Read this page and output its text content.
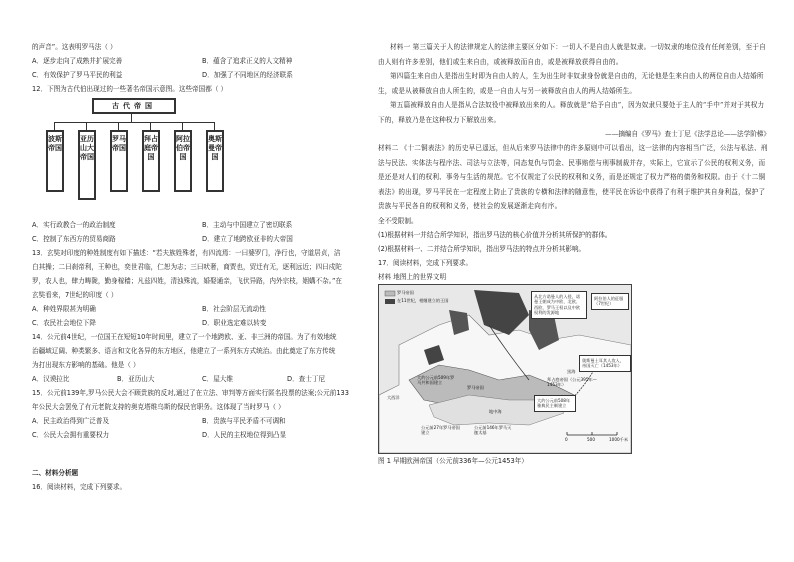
的声音”。这表明罗马法（ ）
A．逐步走向了成熟并扩展完善	B．蕴含了追求正义的人文精神
C．有效保护了罗马平民的利益	D．加强了不同地区的经济联系
12．下图为古代伯出现过的一些著名帝国示意图。这些帝国都（ ）
古代帝国
波斯帝国
亚历山大帝国
罗马帝国
拜占庭帝国
阿拉伯帝国
奥斯曼帝国
A．实行政教合一的政治制度	B．主动与中国建立了密切联系
C．控制了东西方的贸易商路	D．建立了地跨欧亚非的大帝国
13．玄奘对印度的种姓制度有如下描述：“若夫族姓殊者，有四流焉：一曰婆罗门，净行也，守道居贞，洁
白其操；二曰刹帝利，王种也，奕世君临，仁恕为志；三曰吠奢，商贾也，贸迁有无，逐利远近；四曰戍陀
罗，农人也，肆力畴陇，勤身稼穑；凡兹四姓，清浊殊流，婚娶通亲，飞伏异路，内外宗枝，姻媾不杂。”在
玄奘看来，7世纪的印度（ ）
A．种姓界限甚为明确	B．社会阶层无流动性
C．农民社会地位下降	D．职业选定难以转变
14．公元前4世纪，一位国王在短短10年时间里，建立了一个地跨欧、亚、非三洲的帝国。为了有效地统
治疆域辽阔、种类繁多、语言和文化各异的东方地区，他建立了一系列东方式统治。由此奠定了东方传统
为打出现东方影响的基础。他是（ ）
A．汉谟拉比	B．亚历山大	C．屋大维	D．查士丁尼
15．公元前139年,罗马公民大会不顾贵族的反对,通过了在立法、审判等方面实行匿名投票的法案;公元前133
年公民大会罢免了有元老院支持的奥克塔维乌斯的保民官职务。这体现了当时罗马（ ）
A．民主政治得到广泛普及	B．贵族与平民矛盾不可调和
C．公民大会拥有重要权力	D．人民的主权地位得到凸显
二、材料分析题
16．阅读材料，完成下列要求。
材料一 第三篇关于人的法律规定人的法律主要区分如下：一切人不是自由人就是奴隶。一切奴隶的地位没有任何差别，至于自由人则有许多差别，他们或生来自由，或被释放而自由，或是被释放获得自由的。
第四篇生来自由人是指出生时即为自由人的人，生为出生时非奴隶身份就是自由的，无论他是生来自由人的两位自由人结婚所生，或是从被释放自由人所生的，或是一自由人与另一被释放自由人的两人结婚所生。
第五篇被释放自由人是指从合法奴役中被释放出来的人。释放就是“给予自由”，因为奴隶只要处于主人的“手中”并对于其权力下的，释放乃是在这种权力下解放出来。
——摘编自《罗马》查士丁尼《法学总论——法学阶梯》
材料二 《十二铜表法》的历史早已遥远，但从后来罗马法律中的许多原则中可以看出，这一法律的内容相当广泛，公法与私法、刑法与民法、实体法与程序法、司法与立法等，同态复仇与罚金、民事赔偿与刑事制裁并存，实际上，它宣示了公民的权利义务，而是还是对人们的权利、事务与生活的规范。它不仅规定了公民的权利和义务，而是还规定了权力严格的债务和权限。由于《十二铜表法》的出现，罗马平民在一定程度上防止了贵族的专横和法律的随意性，使平民在诉讼中获得了有利于维护其自身利益，保护了贵族与平民各自的权利和义务，使社会的发展逐渐走向有序。
全不受限制。
(1)根据材料一并结合所学知识，指出罗马法的核心价值并分析其所保护的群体。
(2)根据材料一、二并结合所学知识，指出罗马法的特点并分析其影响。
17．阅读材料，完成下列要求。
材料 地图上的世界文明
罗马帝国
在11世纪，相继建立的王国
从北方诺曼人的入侵，诺曼王朝成为中欧、北欧、西欧、罗马王权以及中欧权利的发源地
阿拉伯人的征服（7世纪）
奥斯曼土耳其人攻入，帝国灭亡（1453年）
大约公元前508年雅典民主制建立
大约公元前509年罗马共和国建立
公元前27年罗马帝国建立
拜占庭帝国（公元395年—1453年）
公元前146年罗马灭迦太基
罗马帝国
大西洋
地中海
黑海
0	500	1000千米
图 1 早期欧洲帝国（公元前336年—公元1453年）
